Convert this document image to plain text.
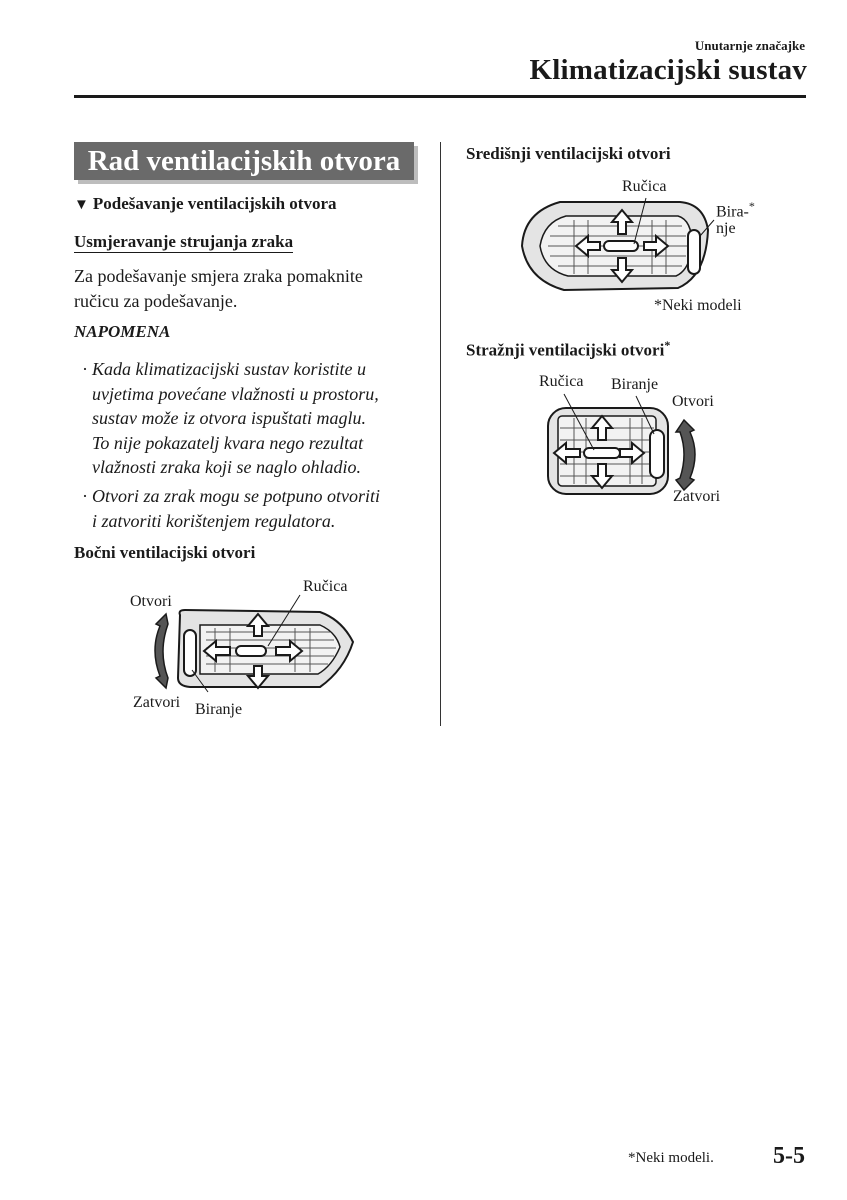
Unutarnje značajke
Klimatizacijski sustav
Rad ventilacijskih otvora
▼ Podešavanje ventilacijskih otvora
Usmjeravanje strujanja zraka
Za podešavanje smjera zraka pomaknite
ručicu za podešavanje.
NAPOMENA
· Kada klimatizacijski sustav koristite u
uvjetima povećane vlažnosti u prostoru,
sustav može iz otvora ispuštati maglu.
To nije pokazatelj kvara nego rezultat
vlažnosti zraka koji se naglo ohladio.
· Otvori za zrak mogu se potpuno otvoriti
i zatvoriti korištenjem regulatora.
Bočni ventilacijski otvori
Ručica
Otvori
Zatvori Biranje
Središnji ventilacijski otvori
Ručica
Bira-*
nje
*Neki modeli
Stražnji ventilacijski otvori*
Ručica Biranje
Otvori
Zatvori
*Neki modeli. 5-5
